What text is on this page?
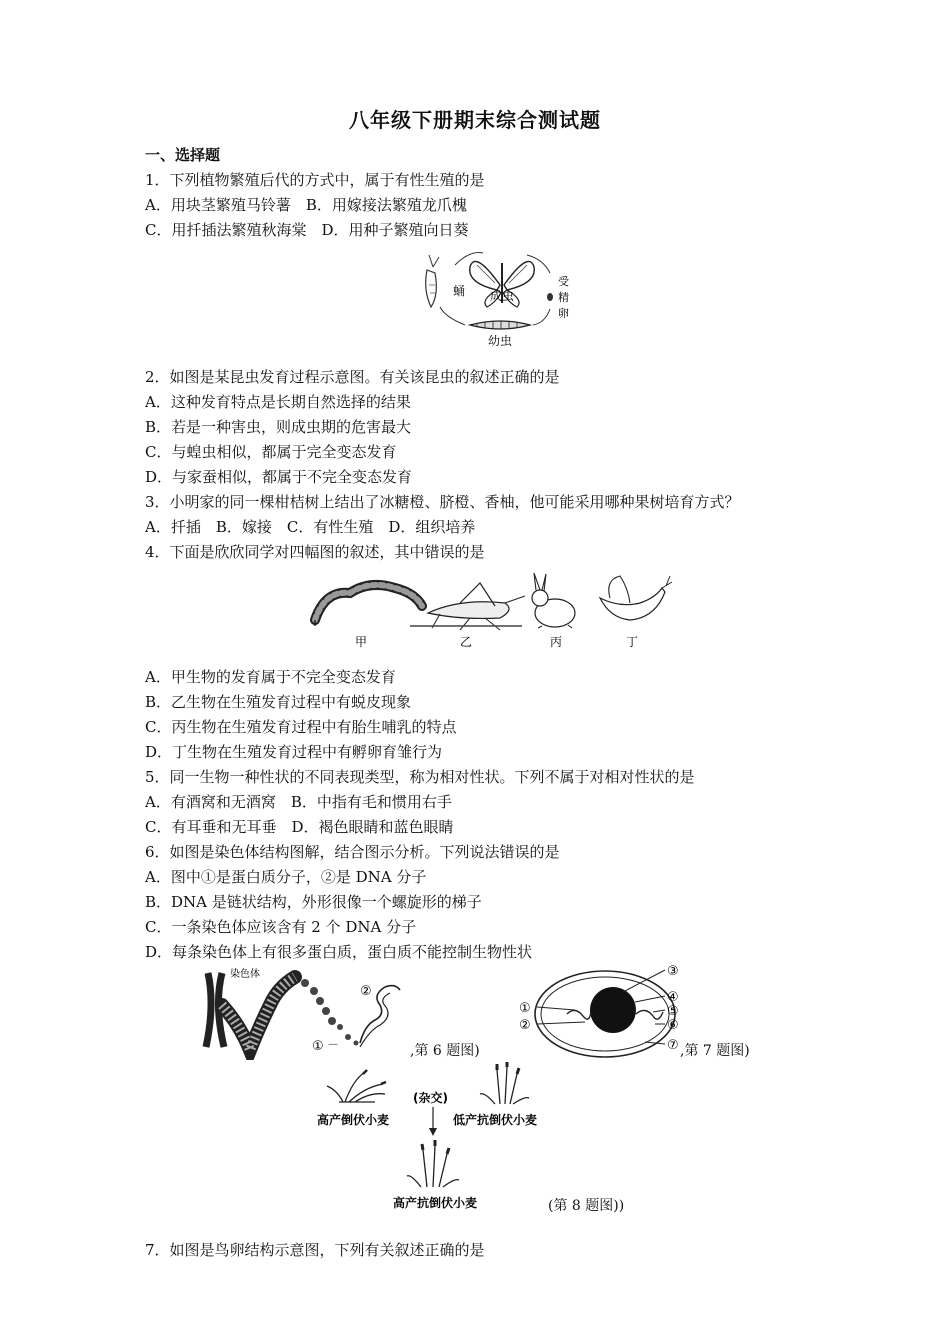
八年级下册期末综合测试题
一、选择题
1．下列植物繁殖后代的方式中，属于有性生殖的是
A．用块茎繁殖马铃薯　B．用嫁接法繁殖龙爪槐
C．用扦插法繁殖秋海棠　D．用种子繁殖向日葵
蛹 成虫
受
精
卵
幼虫
2．如图是某昆虫发育过程示意图。有关该昆虫的叙述正确的是
A．这种发育特点是长期自然选择的结果
B．若是一种害虫，则成虫期的危害最大
C．与蝗虫相似，都属于完全变态发育
D．与家蚕相似，都属于不完全变态发育
3．小明家的同一棵柑桔树上结出了冰糖橙、脐橙、香柚，他可能采用哪种果树培育方式？
A．扦插　B．嫁接　C．有性生殖　D．组织培养
4．下面是欣欣同学对四幅图的叙述，其中错误的是
甲	乙	丙	丁
A．甲生物的发育属于不完全变态发育
B．乙生物在生殖发育过程中有蜕皮现象
C．丙生物在生殖发育过程中有胎生哺乳的特点
D．丁生物在生殖发育过程中有孵卵育雏行为
5．同一生物一种性状的不同表现类型，称为相对性状。下列不属于对相对性状的是
A．有酒窝和无酒窝　B．中指有毛和惯用右手
C．有耳垂和无耳垂　D．褐色眼睛和蓝色眼睛
6．如图是染色体结构图解，结合图示分析。下列说法错误的是
A．图中①是蛋白质分子，②是 DNA 分子
B．DNA 是链状结构，外形很像一个螺旋形的梯子
C．一条染色体应该含有 2 个 DNA 分子
D．每条染色体上有很多蛋白质，蛋白质不能控制生物性状
染色体
① —
②
,第 6 题图)
①
②
③
④
⑤
⑥
⑦ ,第 7 题图)
高产倒伏小麦
(杂交)
低产抗倒伏小麦
高产抗倒伏小麦	(第 8 题图))
7．如图是鸟卵结构示意图，下列有关叙述正确的是
